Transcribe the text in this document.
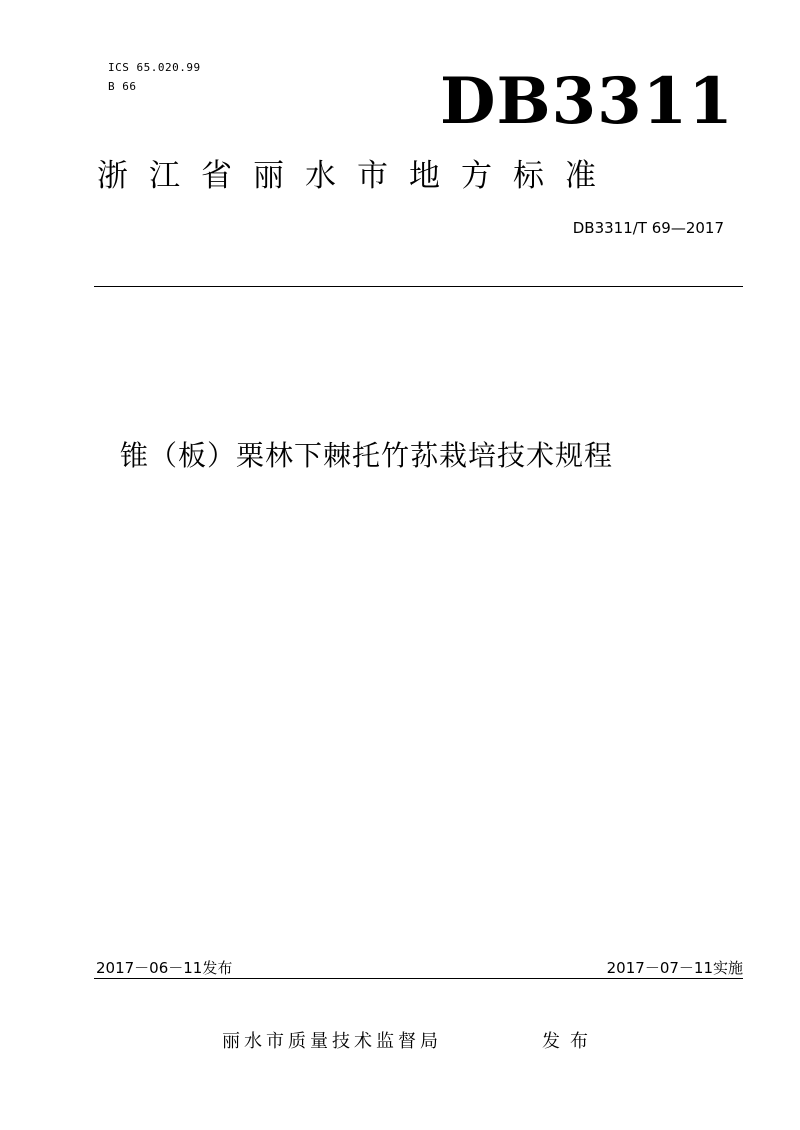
ICS 65.020.99
B 66	DB3311
浙江省丽水市地方标准
DB3311/T 69—2017
锥（板）栗林下棘托竹荪栽培技术规程
2017－06－11发布	2017－07－11实施
丽水市质量技术监督局	发布
